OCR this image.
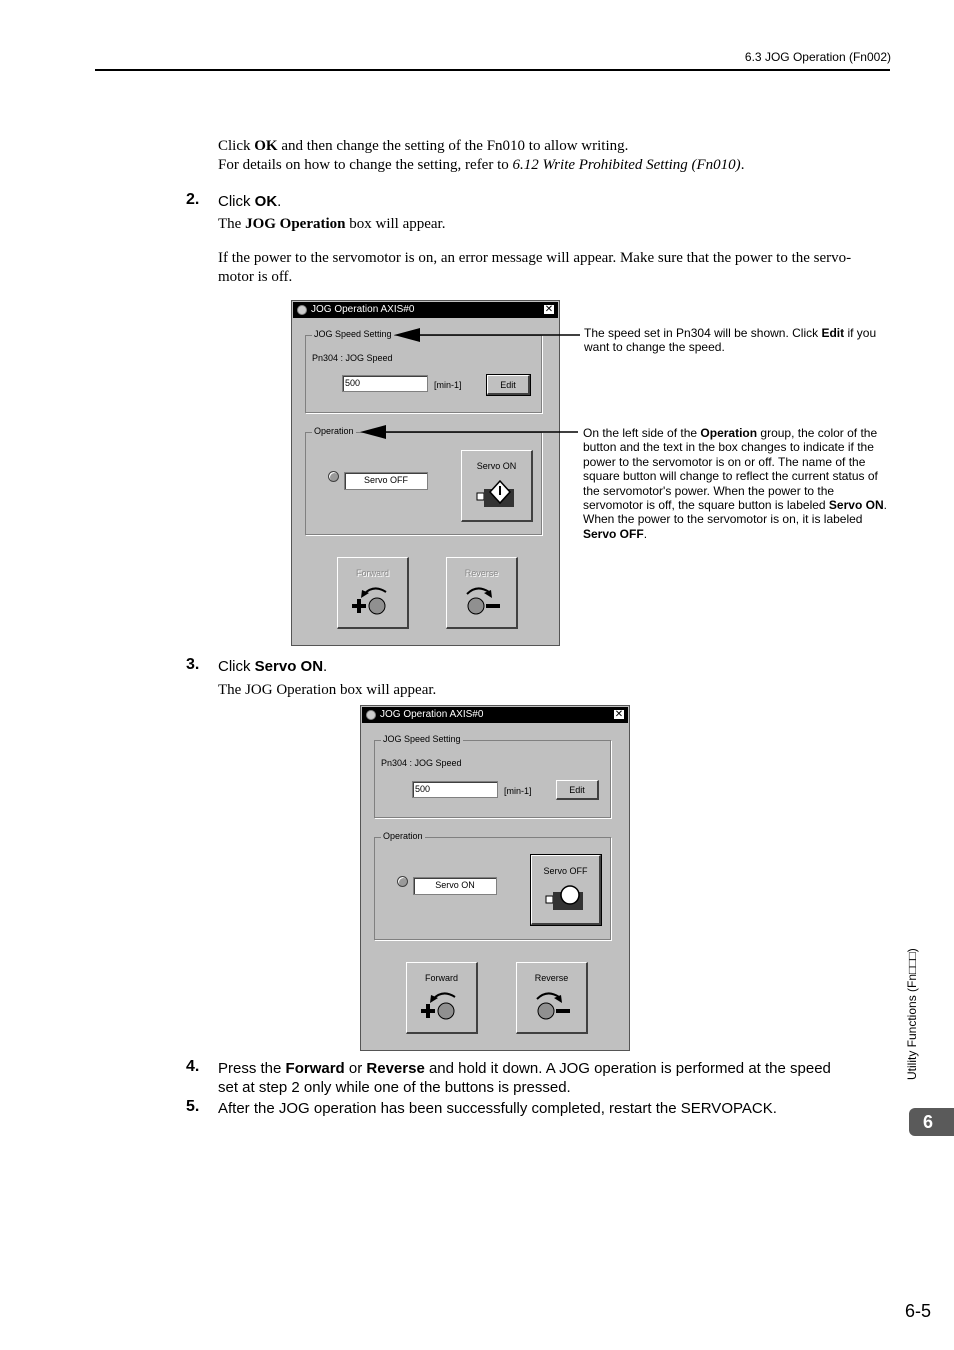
6.3 JOG Operation (Fn002)
Click OK and then change the setting of the Fn010 to allow writing.
For details on how to change the setting, refer to 6.12 Write Prohibited Setting (Fn010).
2. Click OK.
The JOG Operation box will appear.
If the power to the servomotor is on, an error message will appear. Make sure that the power to the servo-
motor is off.
JOG Operation AXIS#0	✕
JOG Speed Setting
Pn304 : JOG Speed
500	[min-1]	Edit
Operation
Servo OFF
Servo ON
Forward	Reverse
The speed set in Pn304 will be shown. Click Edit if you want to change the speed.
On the left side of the Operation group, the color of the button and the text in the box changes to indicate if the power to the servomotor is on or off. The name of the square button will change to reflect the current status of the servomotor's power. When the power to the servomotor is off, the square button is labeled Servo ON. When the power to the servomotor is on, it is labeled Servo OFF.
3. Click Servo ON.
The JOG Operation box will appear.
JOG Operation AXIS#0	✕
JOG Speed Setting
Pn304 : JOG Speed
500	[min-1]	Edit
Operation
Servo ON
Servo OFF
Forward	Reverse
4. Press the Forward or Reverse and hold it down. A JOG operation is performed at the speed
set at step 2 only while one of the buttons is pressed.
5. After the JOG operation has been successfully completed, restart the SERVOPACK.
Utility Functions (Fn□□□)
6
6-5
